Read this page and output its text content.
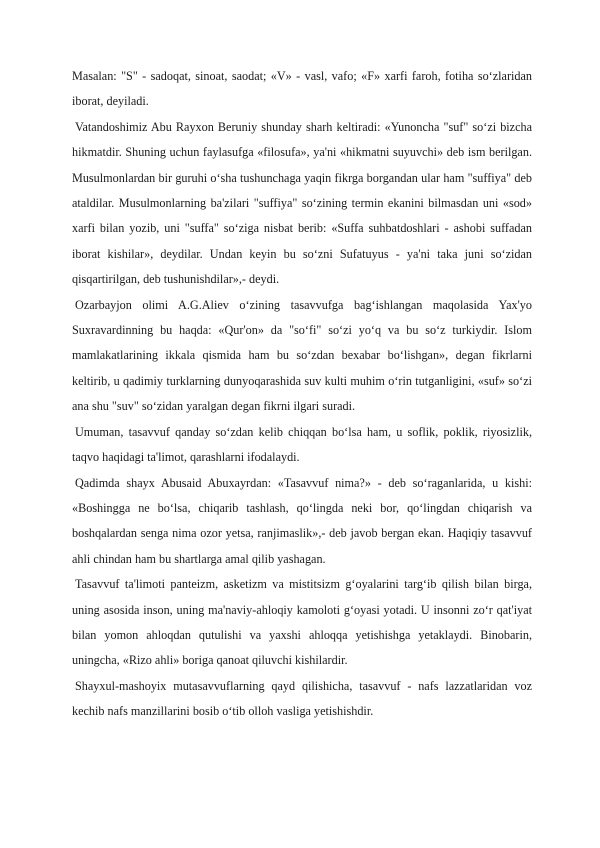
Masalan: "S" - sadoqat, sinoat, saodat; «V» - vasl, vafo; «F» xarfi faroh, fotiha so‘zlaridan iborat, deyiladi.

Vatandoshimiz Abu Rayxon Beruniy shunday sharh keltiradi: «Yunoncha "suf" so‘zi bizcha hikmatdir. Shuning uchun faylasufga «filosufa», ya'ni «hikmatni suyuvchi» deb ism berilgan. Musulmonlardan bir guruhi o‘sha tushunchaga yaqin fikrga borgandan ular ham "suffiya" deb ataldilar. Musulmonlarning ba'zilari "suffiya" so‘zining termin ekanini bilmasdan uni «sod» xarfi bilan yozib, uni "suffa" so‘ziga nisbat berib: «Suffa suhbatdoshlari - ashobi suffadan iborat kishilar», deydilar. Undan keyin bu so‘zni Sufatuyus - ya'ni taka juni so‘zidan qisqartirilgan, deb tushunishdilar»,- deydi.

Ozarbayjon olimi A.G.Aliev o‘zining tasavvufga bag‘ishlangan maqolasida Yax'yo Suxravardinning bu haqda: «Qur'on» da "so‘fi" so‘zi yo‘q va bu so‘z turkiydir. Islom mamlakatlarining ikkala qismida ham bu so‘zdan bexabar bo‘lishgan», degan fikrlarni keltirib, u qadimiy turklarning dunyoqarashida suv kulti muhim o‘rin tutganligini, «suf» so‘zi ana shu "suv" so‘zidan yaralgan degan fikrni ilgari suradi.

Umuman, tasavvuf qanday so‘zdan kelib chiqqan bo‘lsa ham, u soflik, poklik, riyosizlik, taqvo haqidagi ta'limot, qarashlarni ifodalaydi.

Qadimda shayx Abusaid Abuxayrdan: «Tasavvuf nima?» - deb so‘raganlarida, u kishi: «Boshingga ne bo‘lsa, chiqarib tashlash, qo‘lingda neki bor, qo‘lingdan chiqarish va boshqalardan senga nima ozor yetsa, ranjimaslik»,- deb javob bergan ekan. Haqiqiy tasavvuf ahli chindan ham bu shartlarga amal qilib yashagan.

Tasavvuf ta'limoti panteizm, asketizm va mistitsizm g‘oyalarini targ‘ib qilish bilan birga, uning asosida inson, uning ma'naviy-ahloqiy kamoloti g‘oyasi yotadi. U insonni zo‘r qat'iyat bilan yomon ahloqdan qutulishi va yaxshi ahloqqa yetishishga yetaklaydi. Binobarin, uningcha, «Rizo ahli» boriga qanoat qiluvchi kishilardir.

Shayxul-mashoyix mutasavvuflarning qayd qilishicha, tasavvuf - nafs lazzatlaridan voz kechib nafs manzillarini bosib o‘tib olloh vasliga yetishishdir.
